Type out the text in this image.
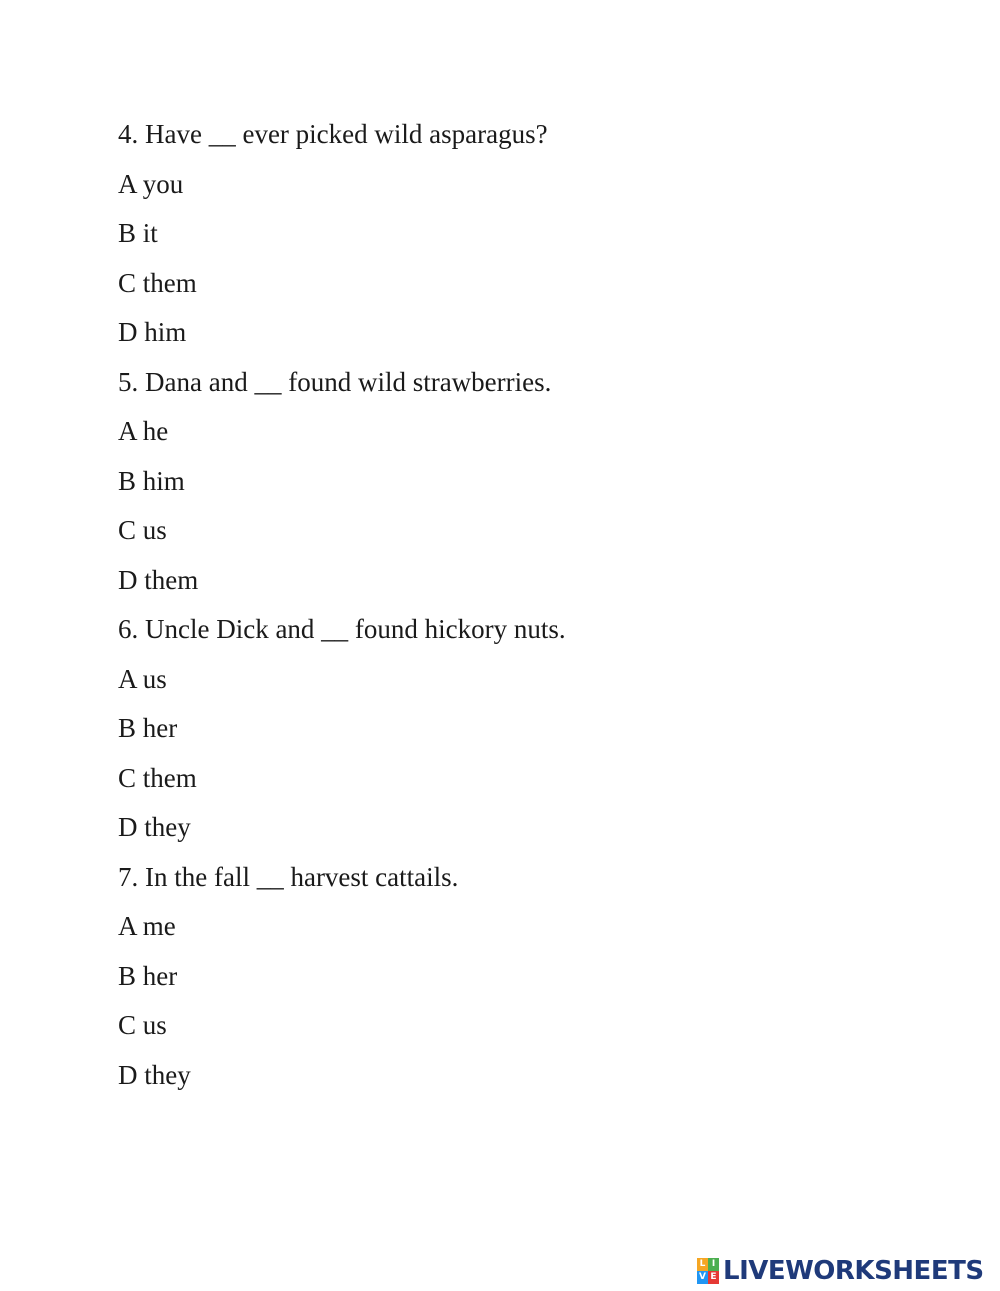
4. Have __ ever picked wild asparagus?
A you
B it
C them
D him
5. Dana and __ found wild strawberries.
A he
B him
C us
D them
6. Uncle Dick and __ found hickory nuts.
A us
B her
C them
D they
7. In the fall __ harvest cattails.
A me
B her
C us
D they
L I
V E LIVEWORKSHEETS
